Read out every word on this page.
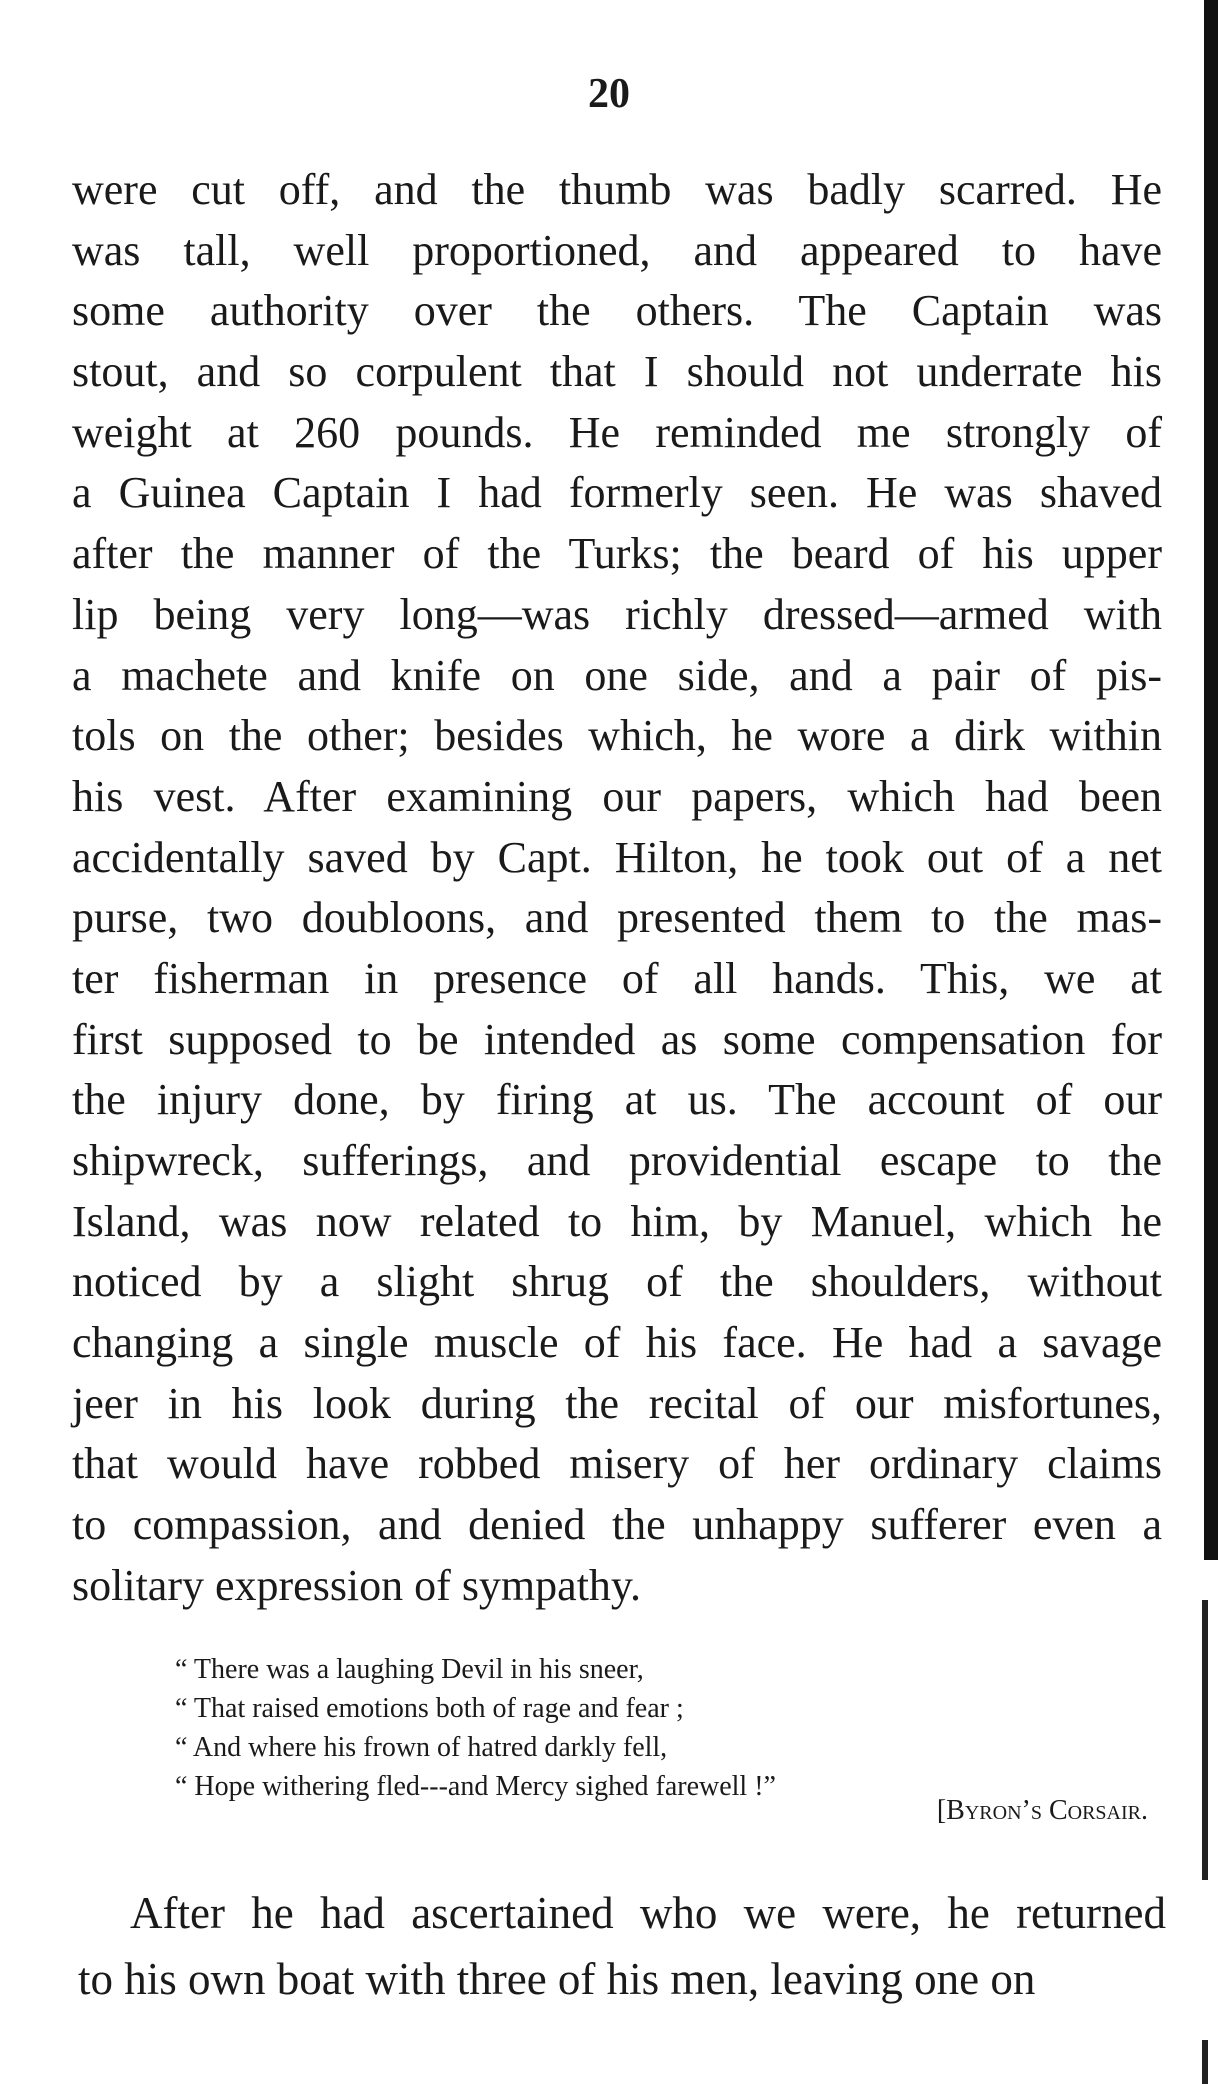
20
were cut off, and the thumb was badly scarred. He
was tall, well proportioned, and appeared to have
some authority over the others. The Captain was
stout, and so corpulent that I should not underrate his
weight at 260 pounds. He reminded me strongly of
a Guinea Captain I had formerly seen. He was shaved
after the manner of the Turks; the beard of his upper
lip being very long—was richly dressed—armed with
a machete and knife on one side, and a pair of pis-
tols on the other; besides which, he wore a dirk within
his vest. After examining our papers, which had been
accidentally saved by Capt. Hilton, he took out of a net
purse, two doubloons, and presented them to the mas-
ter fisherman in presence of all hands. This, we at
first supposed to be intended as some compensation for
the injury done, by firing at us. The account of our
shipwreck, sufferings, and providential escape to the
Island, was now related to him, by Manuel, which he
noticed by a slight shrug of the shoulders, without
changing a single muscle of his face. He had a savage
jeer in his look during the recital of our misfortunes,
that would have robbed misery of her ordinary claims
to compassion, and denied the unhappy sufferer even a
solitary expression of sympathy.
“ There was a laughing Devil in his sneer,
“ That raised emotions both of rage and fear ;
“ And where his frown of hatred darkly fell,
“ Hope withering fled---and Mercy sighed farewell !”
[Byron’s Corsair.
After he had ascertained who we were, he returned
to his own boat with three of his men, leaving one on
